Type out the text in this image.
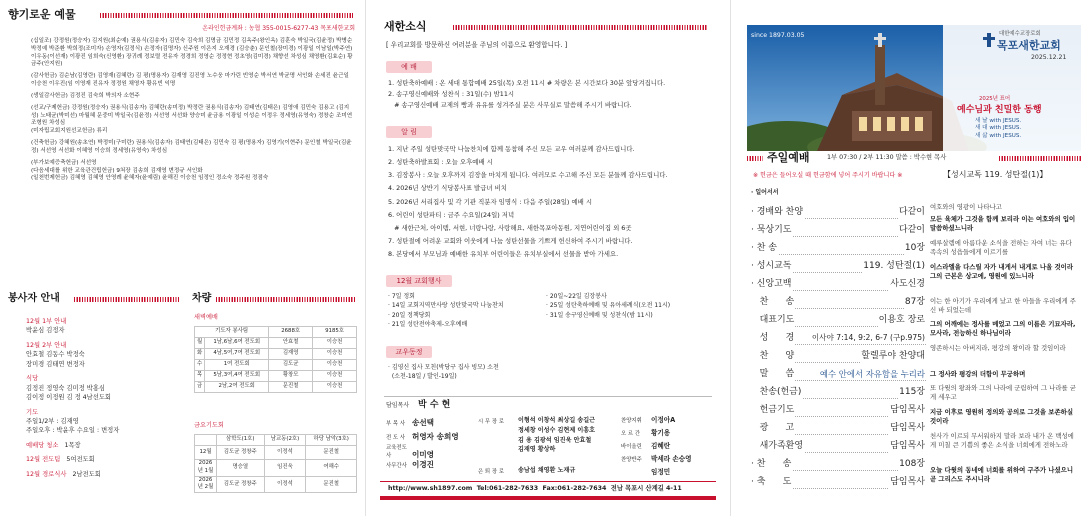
향기로운 예물
온라인헌금계좌 : 농협 355-0015-6277-43 목포새한교회

(십일조) 강정원(정승자) 김지원(최순예) 권용식(김송자) 김민숙 김숙희 김명금 김민정 김옥주(왕인옥) 김훈숙 박일국(김윤정) 박병순 박정예 박준환 박희정(조미자) 손영자(김정식) 손정자(김명자) 신주원 이은지 오재경 (김승춘) 문인철(장미경) 이광일 이남일(박주연) 이우동(이선재) 이광진 임희숙(신영환) 장귀례 정보렬 전유자 정경희 정영순 정정현 정초영(김미경) 채향선 차성심 채영환(김효순) 황금주(안지원)

(감사헌금) 김순남(김영란) 김영재(김혜란) 김 평(명용자) 김재영 김진영 노수웅 마가린 빈영순 박서연 박균명 서인화 손세진 윤근일 이승천 이우진(임 이영재 진유자 정정원 채영자 황유빈 익명

(생일감사헌금) 김정진 김숙희 박의자 소현주

(선교/구제헌금) 강정원(정승자) 권용식(김송자) 김혜란(송미정) 박정란 권용식(김송자) 김태연(김태은) 김영애 김민숙 김용고 (김지성) 노태균(박미선) 마월혜 문중미 박일국(김윤정) 서선영 서선화 양승미 윤금용 이광일 이성순 이정우 정세영(유영숙) 정창순 조미연 조형원 차성심

(미자립교회지원선교헌금) 류리

(건축헌금) 강혜원(송초연) 박정미(구미란) 권용식(김송자) 김태연(김태은) 김민숙 김 평(명용자) 김영기(이현주) 문인철 박일국(김윤정) 서선영 서선화 이혜영 이승희 정세영(유영숙) 차성심

(부가보예증축헌금) 서선영

(다음세대를 위한 교육관건립헌금) 9쳐장 김송희 김재영 변정규 서인화

(일천번제헌금) 김혜영 김혜영 안영례 윤혜자(윤예림) 윤해진 이승천 임정인 정소숙 정주원 정점숙

봉사자 안내
12월 1부 안내
박윤심 김정자
12월 2부 안내
안효철 김동수 박정숙
장미경 김태연 변정자
식당
김정진 정영숙 김미정 박홍심
김이정 이정원 김 정 4남선도회
기도
주일1/2부 : 김재영
주일오후 : 박윤후 수요일 : 변정자
예배당 청소 1목장
12월 전도팀 5여전도회
12월 경로식사 2남전도회
차량
새벽예배
기도자 봉사팀		2688호	9185호
월	1남,6남,6여 전도회	안효철	이승천
화	4남,5여,7여 전도회	김재영	이승천
수	1여 전도회	김도균	이승천
목	5남,3여,4여 전도회	황창모	이승천
금	2남,2여 전도회	문진철	이승천
금요기도회
	삼학도(1호)	남교동(2호)	하당 남악(3호)
12월	김도균 정창주	이정석	문진철
2026년 1월	명승열	임진욱	여해수
2026년 2월	김도균 정창주	이정석	문진철
새한소식
[ 우리교회를 방문하신 여러분을 주님의 이름으로 환영합니다. ]
예 배
1. 성탄축하예배 : 온 세대 통합예배 25일(목) 오전 11시 # 차량은 본 시간보다 30분 앞당겨집니다.
2. 송구영신예배와 성찬식 : 31일(수) 밤11시
# 송구영신예배 교제의 빵과 유유를 성겨주실 분은 사무실로 말씀해 주시기 바랍니다.
알 림
1. 지난 주일 성탄맞국막 나눔찬치에 함께 동참해 주신 모든 교우 여러분께 감사드립니다.
2. 성탄축하발표회 : 오늘 오후예배 시
3. 김장봉사 : 오늘 오후까지 김장을 마치게 됩니다. 여러모로 수고해 주신 모든 분들께 감사드립니다.
4. 2026년 상반기 식당봉사표 발급녀 비치
5. 2026년 서리집사 및 각 기관 직분자 임명식 : 다음 주일(28일) 예배 시
6. 어린이 성탄파티 : 금주 수요일(24일) 저녁
# 새한근처, 아이템, 서현, 너랑나랑, 사랑해요, 새한목포아동원, 지연어린이집 외 6곳
7. 성탄절에 어려운 교회와 이웃에게 나눔 성탄선물을 기쁘게 헌신하여 주시기 바랍니다.
8. 본당에서 부모님과 예배한 유치부 어린이들은 유치부실에서 선물을 받아 가세요.
12월 교회행사
· 7일 정회
· 14일 교회지역만사랑 성탄맞국막 나눔찬치
· 20일 정책당회
· 21일 성탄전야축제-오후예배
· 20일~22일 김장봉사
· 25일 성탄축하예배 및 유아세례식(오전 11시)
· 31일 송구영신예배 및 성찬식(밤 11시)
교우동정
· 김영신 집사 모친(박당구 집사 빙모) 소천
(소천-18일 / 발인-19일)
담임목사 박 수 현
부 목 사 송선택
전 도 사 허영자 송희영
교육전도사	이미영
사무간사 이경진
시 무 장 로 이형석 이창석 최상길 송길근
정세창 이성수 김현제 이흥호
김 용 김광석 임진욱 안효철
김재영 황상하
은 퇴 장 로 송남섭 채영환 노재규
찬양지휘 이정아A
오 르 간 황기용
바이올린 김혜란
찬양반주 박세라 손승영
임정민
http://www.sh1897.com  Tel:061-282-7633  Fax:061-282-7634  전남 목포시 산계길 4-11
since 1897.03.05	대한예수교장로회
목포새한교회
2025.12.21
2025년 표어
예수님과 친밀한 동행
새 날 with JESUS.
새 대 with JESUS.
새 삶 with JESUS.
주일예배	1부 07:30 / 2부 11:30 말씀 : 박수현 목사
※ 헌금은 들어오실 때 헌금함에 넣어 주시기 바랍니다 ※	【성시교독 119. 성탄절(1)】
· 일어서서
· 경배와 찬양	다같이
· 묵상기도	다같이
· 찬 송	10장
· 성시교독	119. 성탄절(1)
· 신앙고백	사도신경
찬      송	87장
대표기도	이용호 장로
성      경 이사야 7:14, 9:2, 6-7 (구p.975)
찬      양	할렐루야 찬양대
말      씀	예수 안에서 자유함을 누리라
찬송(헌금)	115장
헌금기도	담임목사
광      고	담임목사
새가족환영	담임목사
· 찬      송	108장
· 축      도	담임목사
여호와의 영광이 나타나고
모든 육체가 그것을 함께 보리라 이는 여호와의 입이 말씀하셨느니라
예루살렘에 아름다운 소식을 전하는 자여 너는 유다 족속의 성읍들에게 이르기를
이스라엘을 다스릴 자가 내게서 내게로 나올 것이라 그의 근본은 상고에, 영원에 있느니라
이는 한 아기가 우리에게 났고 한 아들을 우리에게 주신 바 되었는데
그의 어깨에는 정사를 메었고 그의 이름은 기묘자라, 모사라, 전능하신 하나님이라
영존하시는 아버지라, 평강의 왕이라 할 것임이라
그 정사와 평강의 더함이 무궁하며
또 다윗의 왕좌와 그의 나라에 군림하여 그 나라를 굳게 세우고
지금 이후로 영원히 정의와 공의로 그것을 보존하실 것이라
천사가 이르되 무서워하지 말라 보라 내가 온 백성에게 미칠 큰 기쁨의 좋은 소식을 너희에게 전하노라
오늘 다윗의 동네에 너희를 위하여 구주가 나셨으니 곧 그리스도 주시니라
